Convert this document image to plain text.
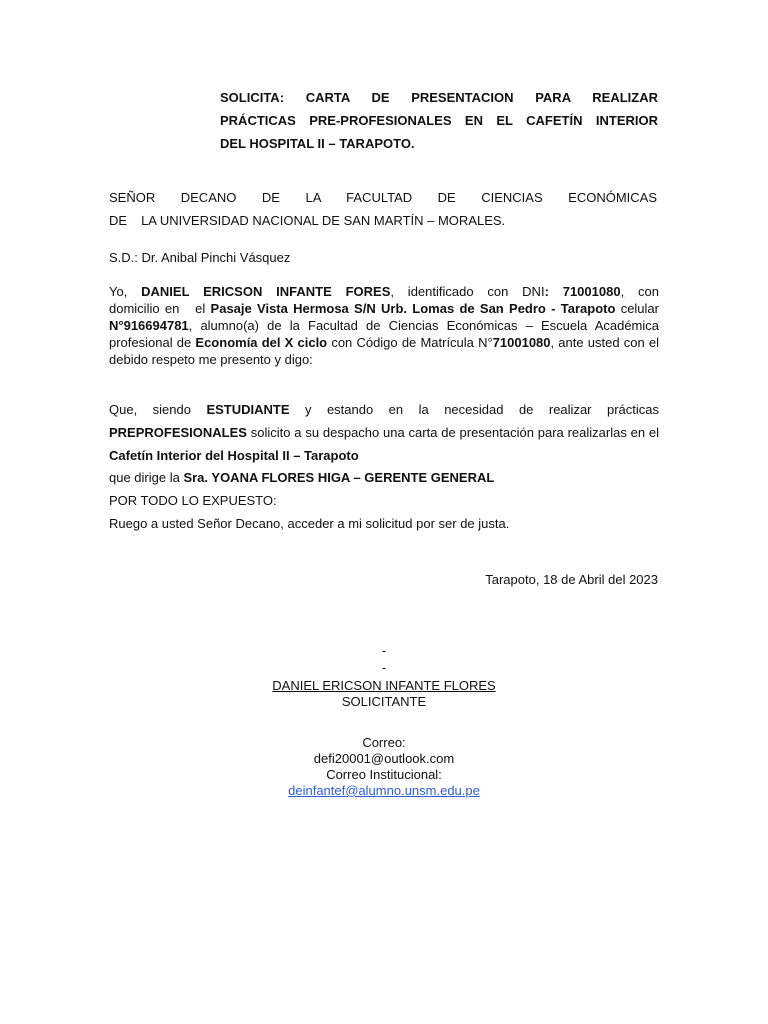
SOLICITA: CARTA DE PRESENTACION PARA REALIZAR
PRÁCTICAS PRE-PROFESIONALES EN EL CAFETÍN INTERIOR
DEL HOSPITAL II – TARAPOTO.
SEÑOR DECANO DE LA FACULTAD DE CIENCIAS ECONÓMICAS
DE LA UNIVERSIDAD NACIONAL DE SAN MARTÍN – MORALES.
S.D.: Dr. Anibal Pinchi Vásquez

Yo, DANIEL ERICSON INFANTE FORES, identificado con DNI: 71001080, con domicilio en   el Pasaje Vista Hermosa S/N Urb. Lomas de San Pedro - Tarapoto celular N°916694781, alumno(a) de la Facultad de Ciencias Económicas – Escuela Académica profesional de Economía del X ciclo con Código de Matrícula N°71001080, ante usted con el debido respeto me presento y digo:

Que, siendo ESTUDIANTE y estando en la necesidad de realizar prácticas PREPROFESIONALES solicito a su despacho una carta de presentación para realizarlas en el Cafetín Interior del Hospital II – Tarapoto

que dirige la Sra. YOANA FLORES HIGA – GERENTE GENERAL
POR TODO LO EXPUESTO:
Ruego a usted Señor Decano, acceder a mi solicitud por ser de justa.
Tarapoto, 18 de Abril del 2023
-
-
DANIEL ERICSON INFANTE FLORES
SOLICITANTE
Correo:
defi20001@outlook.com
Correo Institucional:
deinfantef@alumno.unsm.edu.pe
